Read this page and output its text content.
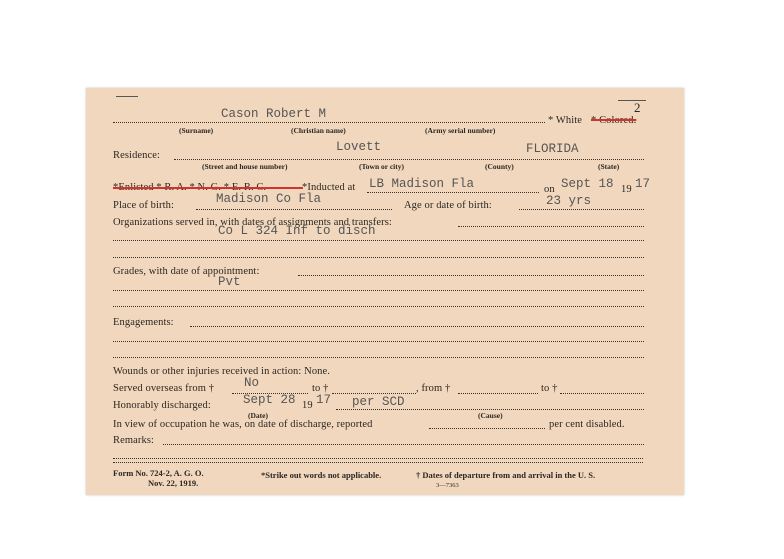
2
Cason Robert M	* White * Colored.
(Surname)	(Christian name)	(Army serial number)
Residence:
Lovett	FLORIDA
(Street and house number)	(Town or city)	(County)	(State)
*Inducted at LB Madison Fla	on Sept 18 19 17
Place of birth:	Madison Co Fla	Age or date of birth:	23 yrs
Organizations served in, with dates of assignments and transfers:
Co L 324 Inf to disch
Grades, with date of appointment:
Pvt
Engagements:
Wounds or other injuries received in action: None.
Served overseas from † No	to †	, from †	to †
Honorably discharged:	Sept 28 19 17 per SCD
(Date)	(Cause)
In view of occupation he was, on date of discharge, reported	per cent disabled.
Remarks:
Form No. 724-2, A. G. O.
Nov. 22, 1919.
*Strike out words not applicable.	† Dates of departure from and arrival in the U. S.
3—7363
